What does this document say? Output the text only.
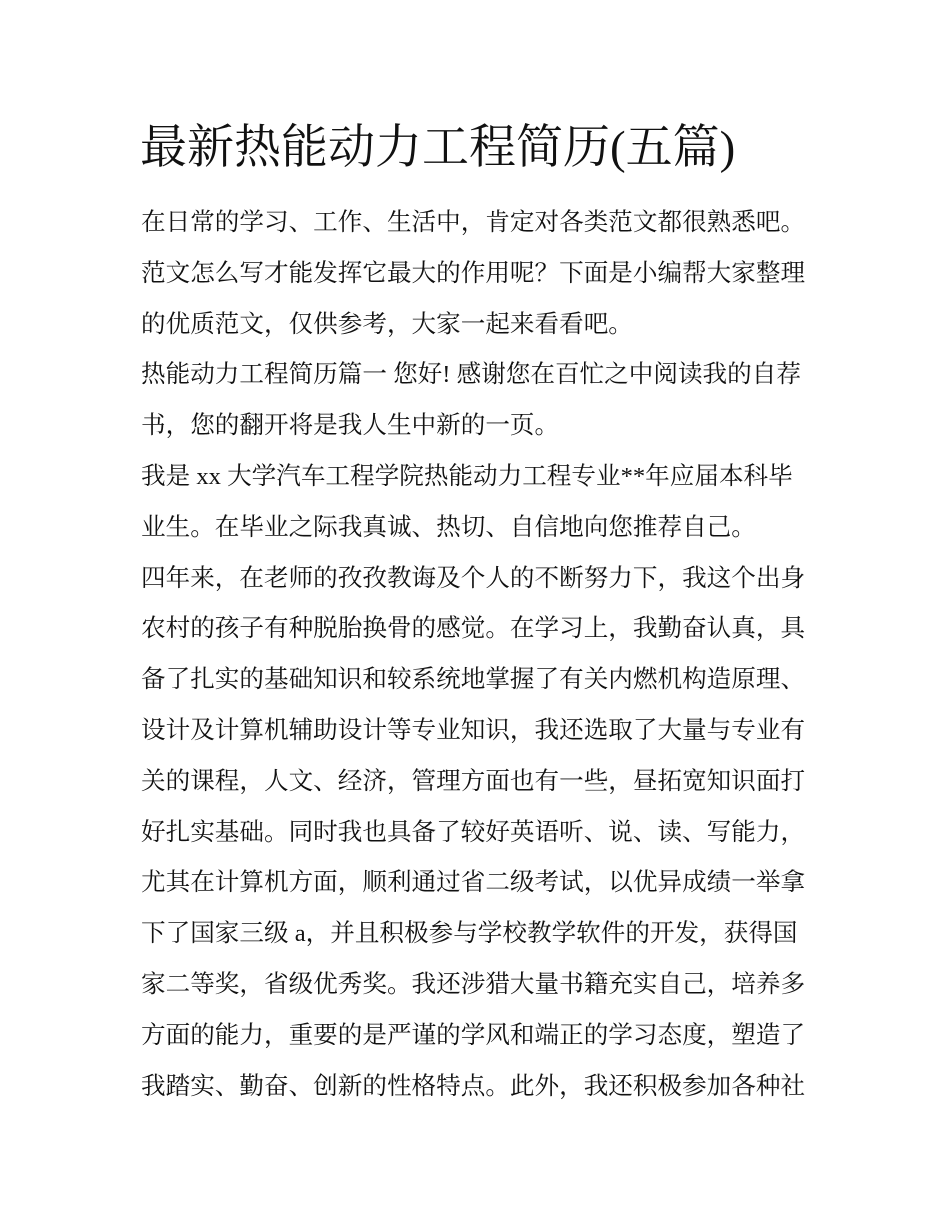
最新热能动力工程简历(五篇)
在日常的学习、工作、生活中，肯定对各类范文都很熟悉吧。
范文怎么写才能发挥它最大的作用呢？下面是小编帮大家整理
的优质范文，仅供参考，大家一起来看看吧。
热能动力工程简历篇一 您好! 感谢您在百忙之中阅读我的自荐
书，您的翻开将是我人生中新的一页。
我是 xx 大学汽车工程学院热能动力工程专业**年应届本科毕
业生。在毕业之际我真诚、热切、自信地向您推荐自己。
四年来，在老师的孜孜教诲及个人的不断努力下，我这个出身
农村的孩子有种脱胎换骨的感觉。在学习上，我勤奋认真，具
备了扎实的基础知识和较系统地掌握了有关内燃机构造原理、
设计及计算机辅助设计等专业知识，我还选取了大量与专业有
关的课程，人文、经济，管理方面也有一些，昼拓宽知识面打
好扎实基础。同时我也具备了较好英语听、说、读、写能力，
尤其在计算机方面，顺利通过省二级考试，以优异成绩一举拿
下了国家三级 a，并且积极参与学校教学软件的开发，获得国
家二等奖，省级优秀奖。我还涉猎大量书籍充实自己，培养多
方面的能力，重要的是严谨的学风和端正的学习态度，塑造了
我踏实、勤奋、创新的性格特点。此外，我还积极参加各种社
